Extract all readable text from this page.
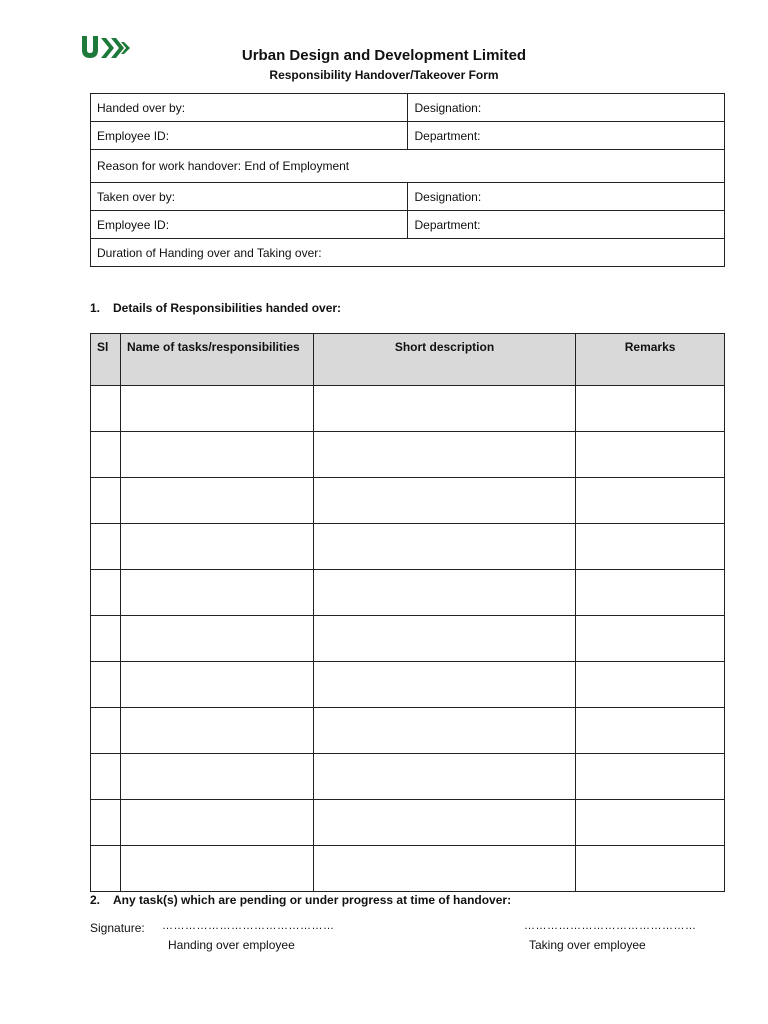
Urban Design and Development Limited
Responsibility Handover/Takeover Form
Handed over by:	Designation:
Employee ID:	Department:
Reason for work handover: End of Employment	
Taken over by:	Designation:
Employee ID:	Department:
Duration of Handing over and Taking over:	
1. Details of Responsibilities handed over:
Sl	Name of tasks/responsibilities	Short description	Remarks

2. Any task(s) which are pending or under progress at time of handover:
Signature: ………………………………………	………………………………………
Handing over employee	Taking over employee
